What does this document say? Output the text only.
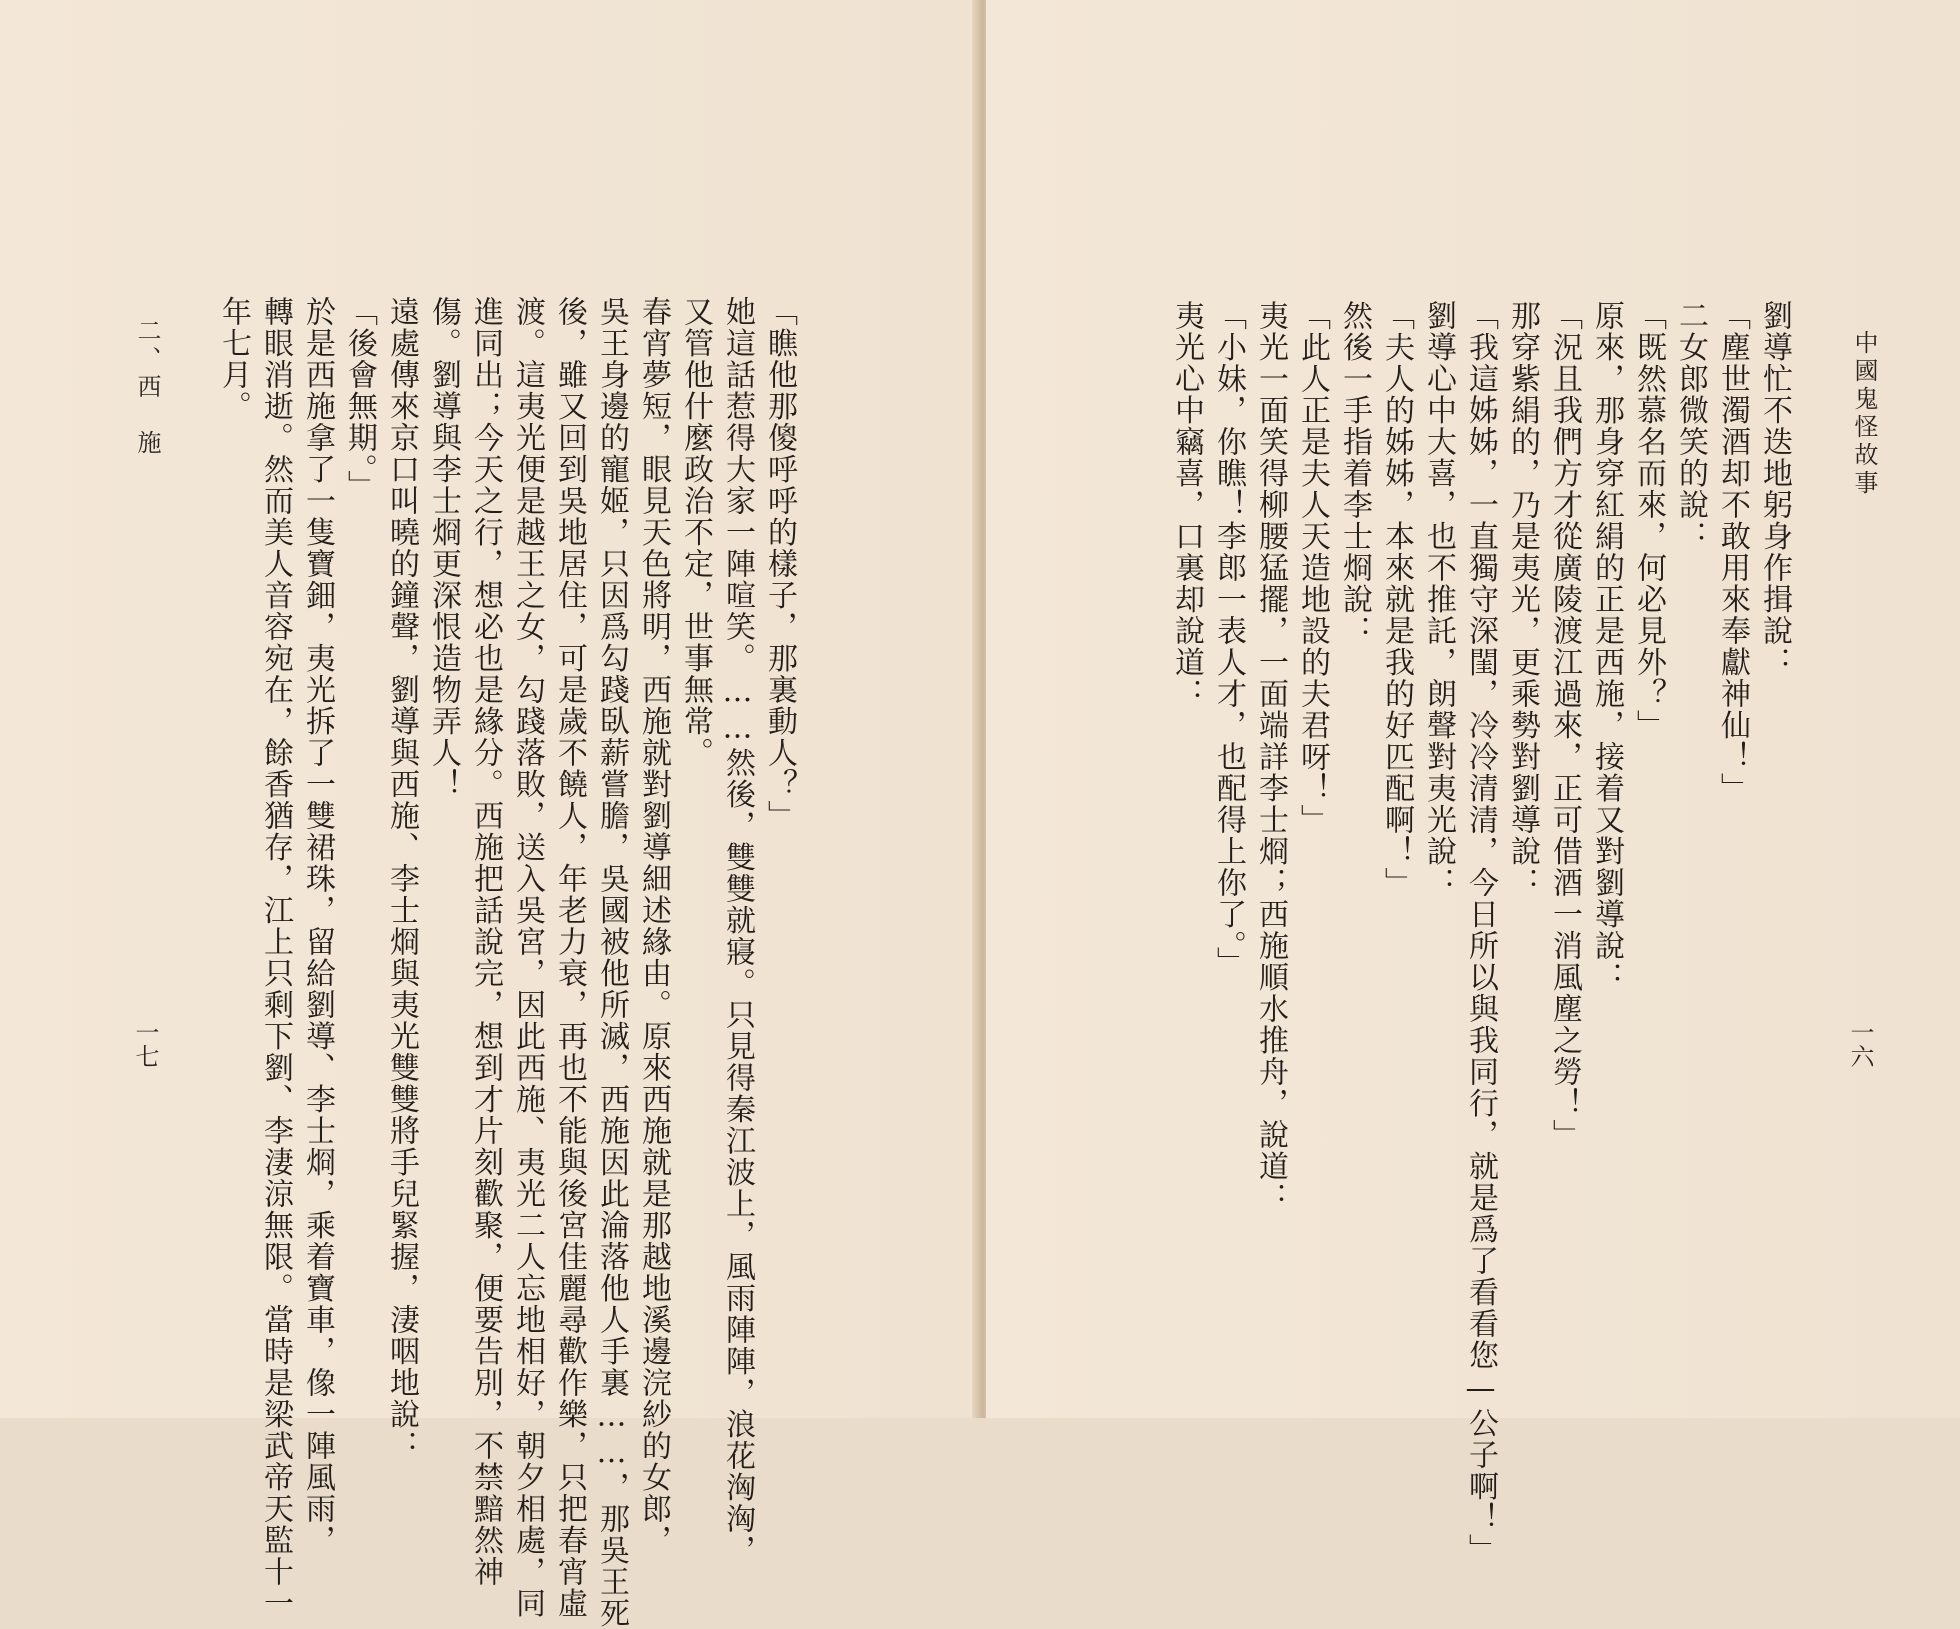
「瞧他那傻呼呼的樣子，那裏動人？」
她這話惹得大家一陣喧笑。……然後，雙雙就寢。只見得秦江波上，風雨陣陣，浪花洶洶，
又管他什麼政治不定，世事無常。
春宵夢短，眼見天色將明，西施就對劉導細述緣由。原來西施就是那越地溪邊浣紗的女郎，
吳王身邊的寵姬，只因爲勾踐臥薪嘗膽，吳國被他所滅，西施因此淪落他人手裏……，那吳王死
後，雖又回到吳地居住，可是歲不饒人，年老力衰，再也不能與後宮佳麗尋歡作樂，只把春宵虛
渡。這夷光便是越王之女，勾踐落敗，送入吳宮，因此西施、夷光二人忘地相好，朝夕相處，同
進同出；今天之行，想必也是緣分。西施把話說完，想到才片刻歡聚，便要告別，不禁黯然神
傷。劉導與李士烱更深恨造物弄人！
遠處傳來京口叫曉的鐘聲，劉導與西施、李士烱與夷光雙雙將手兒緊握，淒咽地說：
「後會無期。」
於是西施拿了一隻寶鈿，夷光拆了一雙裙珠，留給劉導、李士烱，乘着寶車，像一陣風雨，
轉眼消逝。然而美人音容宛在，餘香猶存，江上只剩下劉、李淒涼無限。當時是梁武帝天監十一
年七月。
二、西　施
一七
中國鬼怪故事
劉導忙不迭地躬身作揖說：
「塵世濁酒却不敢用來奉獻神仙！」
二女郎微笑的說：
「既然慕名而來，何必見外？」
原來，那身穿紅絹的正是西施，接着又對劉導說：
「況且我們方才從廣陵渡江過來，正可借酒一消風塵之勞！」
那穿紫絹的，乃是夷光，更乘勢對劉導說：
「我這姊姊，一直獨守深閨，冷冷清清，今日所以與我同行，就是爲了看看您—公子啊！」
劉導心中大喜，也不推託，朗聲對夷光說：
「夫人的姊姊，本來就是我的好匹配啊！」
然後一手指着李士烱說：
「此人正是夫人天造地設的夫君呀！」
夷光一面笑得柳腰猛擺，一面端詳李士烱；西施順水推舟，說道：
「小妹，你瞧！李郎一表人才，也配得上你了。」
夷光心中竊喜，口裏却說道：
一六
